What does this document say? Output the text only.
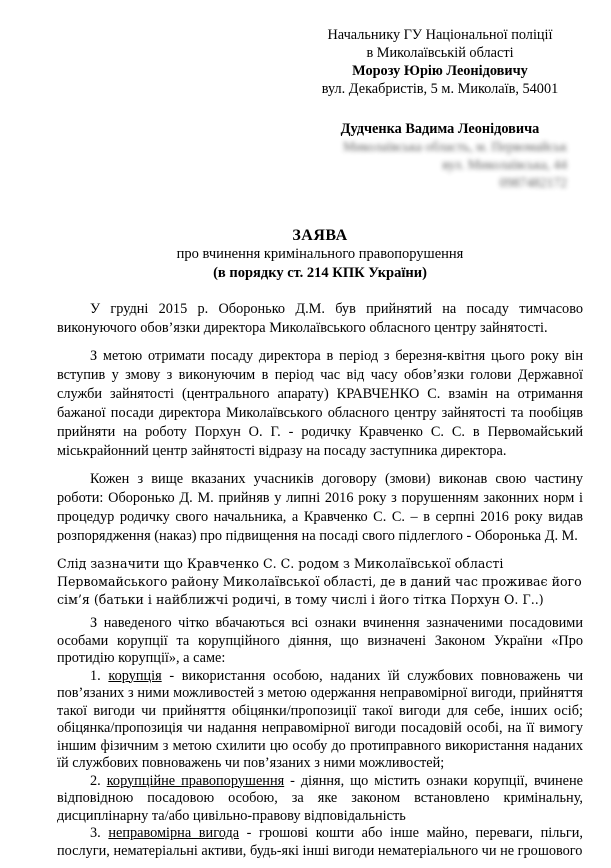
Начальнику ГУ Національної поліції
в Миколаївській області
Морозу Юрію Леонідовичу
вул. Декабристів, 5 м. Миколаїв, 54001
Дудченка Вадима Леонідовича
Миколаївська область, м. Первомайськ
вул. Миколаївська, 44
0987482172
ЗАЯВА
про вчинення кримінального правопорушення
(в порядку ст. 214 КПК України)

У грудні 2015 р. Оборонько Д.М. був прийнятий на посаду тимчасово виконуючого обов’язки директора Миколаївського обласного центру зайнятості.

З метою отримати посаду директора в період з березня-квітня цього року він вступив у змову з виконуючим в період час від часу обов’язки голови Державної служби зайнятості (центрального апарату) КРАВЧЕНКО С. взамін на отримання бажаної посади директора Миколаївського обласного центру зайнятості та пообіцяв прийняти на роботу Порхун О. Г. - родичку Кравченко С. С. в Первомайський міськрайонний центр зайнятості відразу на посаду заступника директора.

Кожен з вище вказаних учасників договору (змови) виконав свою частину роботи: Оборонько Д. М. прийняв у липні 2016 року з порушенням законних норм і процедур родичку свого начальника, а Кравченко С. С. – в серпні 2016 року видав розпорядження (наказ) про підвищення на посаді свого підлеглого - Оборонька Д. М.

Слід зазначити що Кравченко С. С. родом з Миколаївської області Первомайського району Миколаївської області, де в даний час проживає його сім’я (батьки і найближчі родичі, в тому числі і його тітка Порхун О. Г..)

З наведеного чітко вбачаються всі ознаки вчинення зазначеними посадовими особами корупції та корупційного діяння, що визначені Законом України «Про протидію корупції», а саме:

1. корупція - використання особою, наданих їй службових повноважень чи пов’язаних з ними можливостей з метою одержання неправомірної вигоди, прийняття такої вигоди чи прийняття обіцянки/пропозиції такої вигоди для себе, інших осіб; обіцянка/пропозиція чи надання неправомірної вигоди посадовій особі, на її вимогу іншим фізичним з метою схилити цю особу до протиправного використання наданих їй службових повноважень чи пов’язаних з ними можливостей;

2. корупційне правопорушення - діяння, що містить ознаки корупції, вчинене відповідною посадовою особою, за яке законом встановлено кримінальну, дисциплінарну та/або цивільно-правову відповідальність

3. неправомірна вигода - грошові кошти або інше майно, переваги, пільги, послуги, нематеріальні активи, будь-які інші вигоди нематеріального чи не грошового
